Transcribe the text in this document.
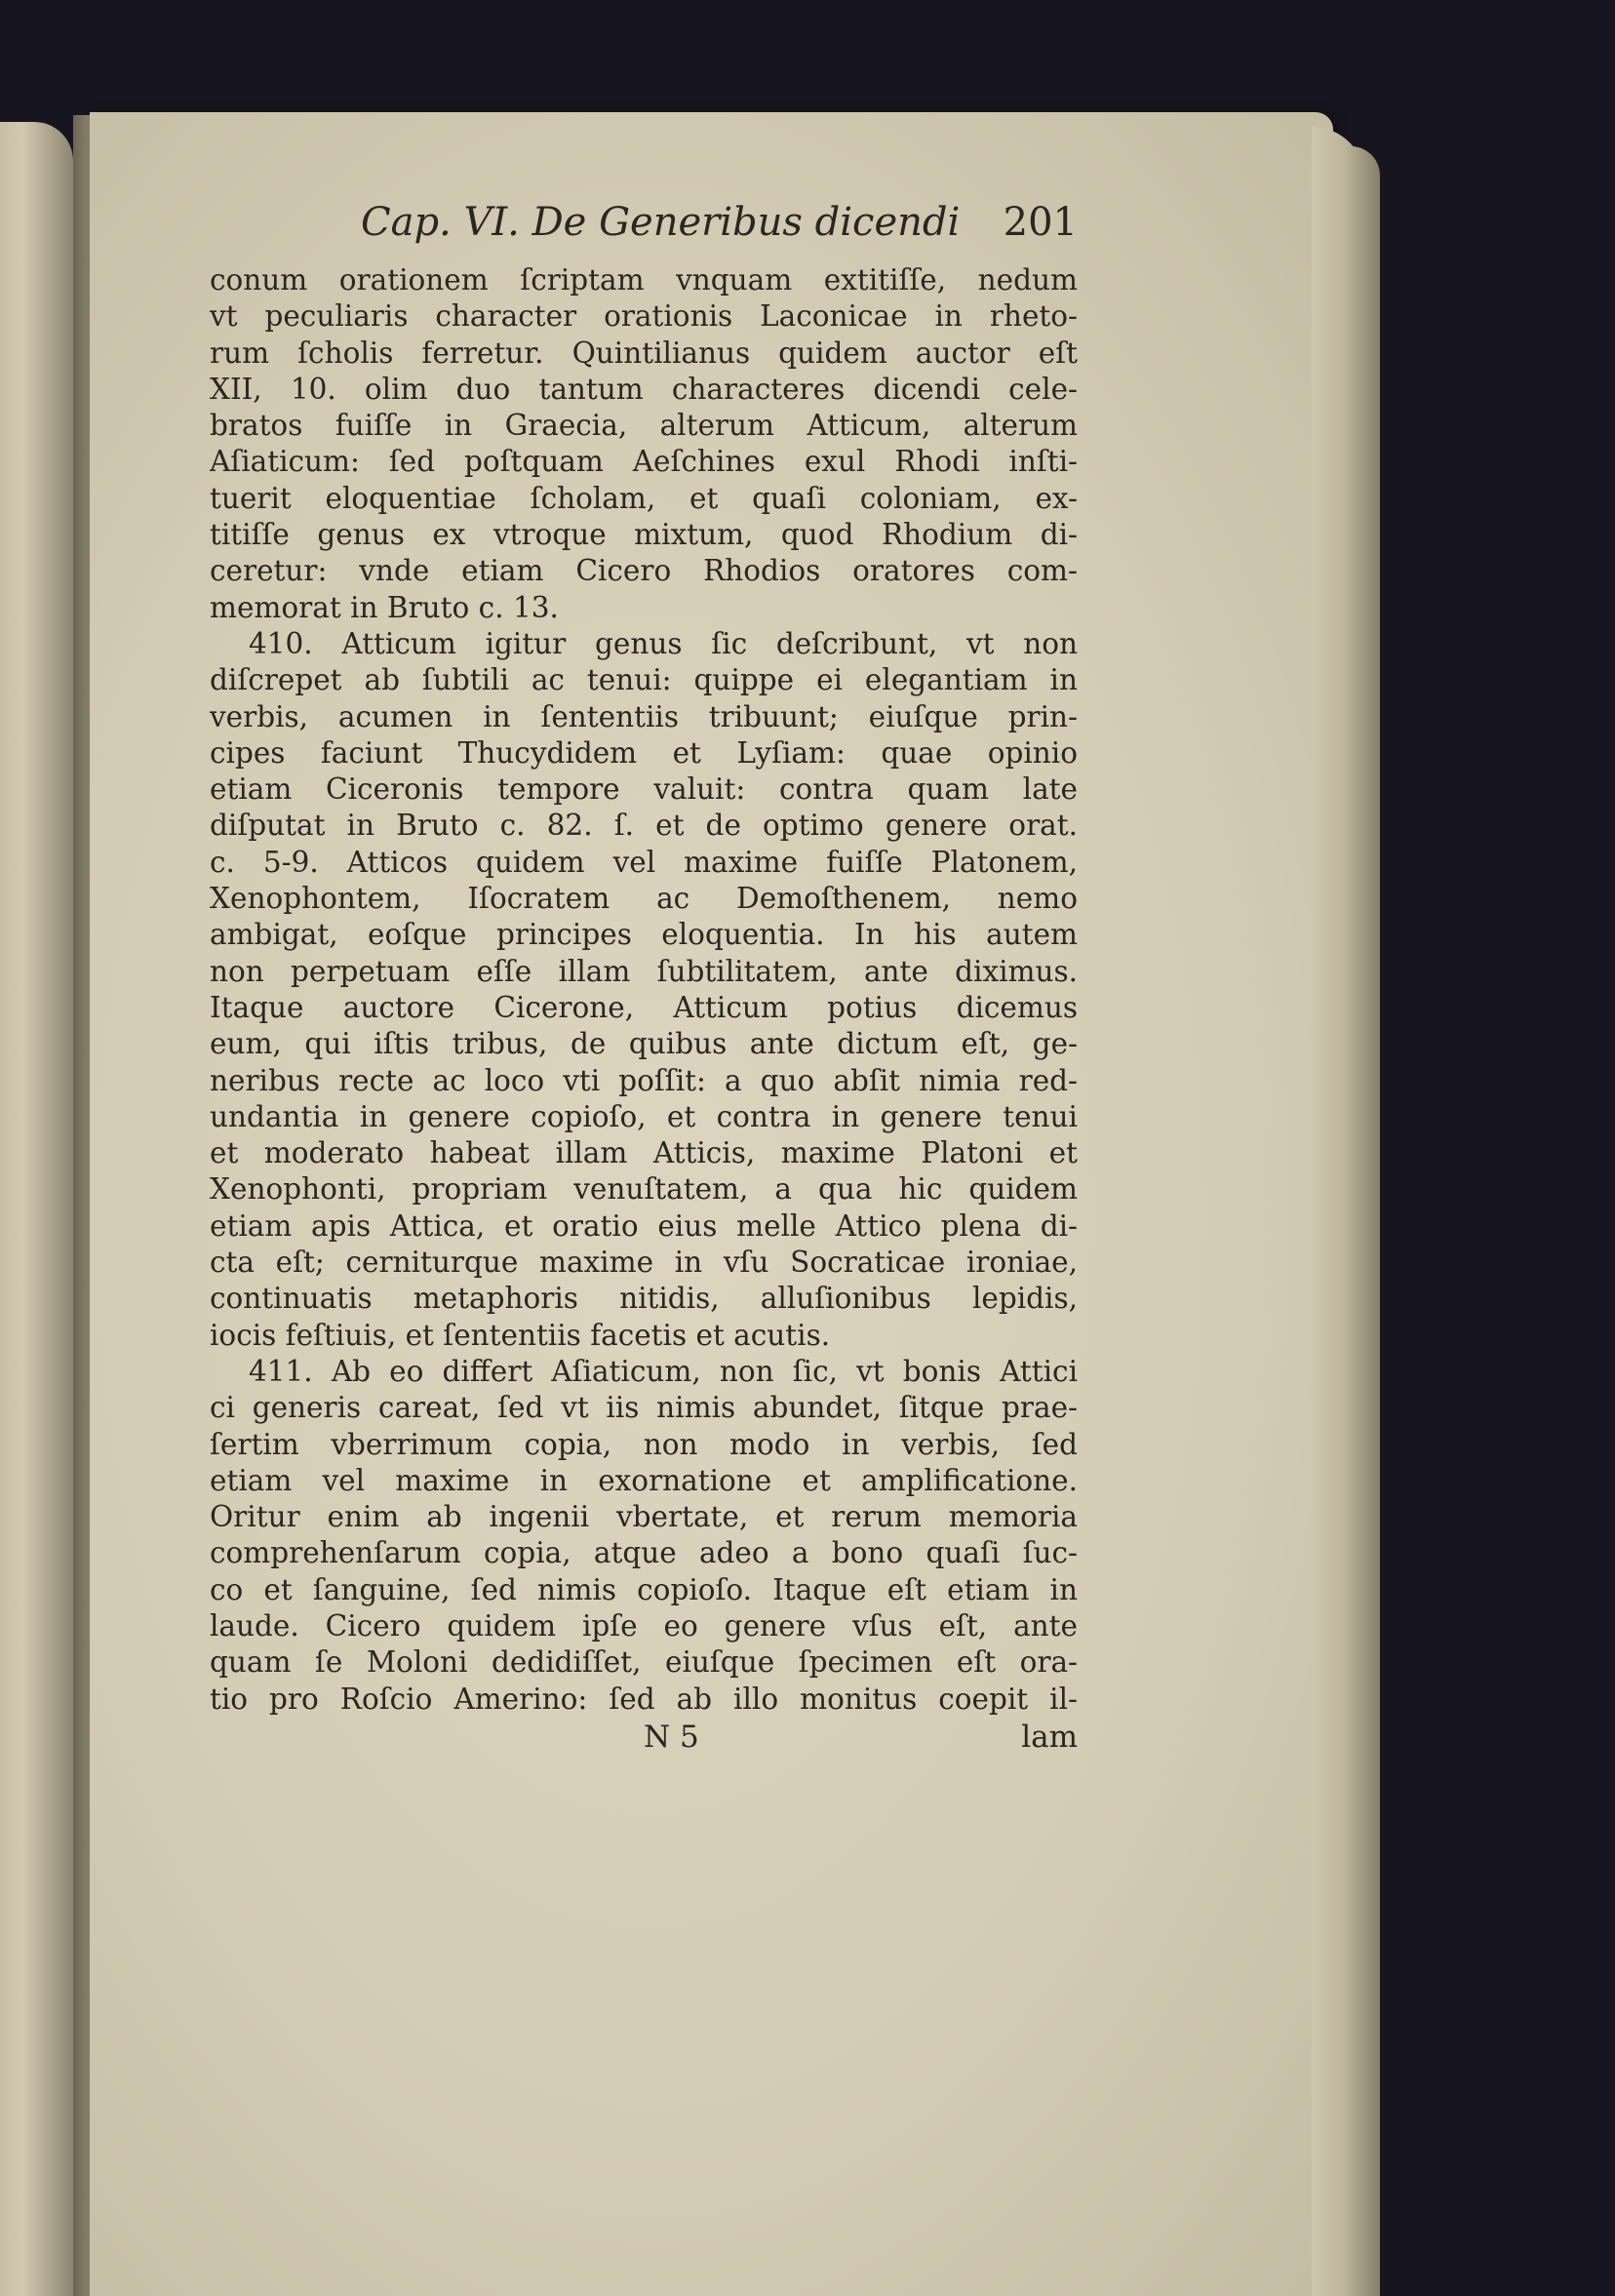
Cap. VI. De Generibus dicendi 201
conum orationem ſcriptam vnquam extitiſſe, nedum
vt peculiaris character orationis Laconicae in rheto-
rum ſcholis ferretur. Quintilianus quidem auctor eſt
XII, 10. olim duo tantum characteres dicendi cele-
bratos fuiſſe in Graecia, alterum Atticum, alterum
Aſiaticum: ſed poſtquam Aeſchines exul Rhodi inſti-
tuerit eloquentiae ſcholam, et quaſi coloniam, ex-
titiſſe genus ex vtroque mixtum, quod Rhodium di-
ceretur: vnde etiam Cicero Rhodios oratores com-
memorat in Bruto c. 13.
410. Atticum igitur genus ſic deſcribunt, vt non
diſcrepet ab ſubtili ac tenui: quippe ei elegantiam in
verbis, acumen in ſententiis tribuunt; eiuſque prin-
cipes faciunt Thucydidem et Lyſiam: quae opinio
etiam Ciceronis tempore valuit: contra quam late
diſputat in Bruto c. 82. ſ. et de optimo genere orat.
c. 5-9. Atticos quidem vel maxime fuiſſe Platonem,
Xenophontem, Iſocratem ac Demoſthenem, nemo
ambigat, eoſque principes eloquentia. In his autem
non perpetuam eſſe illam ſubtilitatem, ante diximus.
Itaque auctore Cicerone, Atticum potius dicemus
eum, qui iſtis tribus, de quibus ante dictum eſt, ge-
neribus recte ac loco vti poſſit: a quo abſit nimia red-
undantia in genere copioſo, et contra in genere tenui
et moderato habeat illam Atticis, maxime Platoni et
Xenophonti, propriam venuſtatem, a qua hic quidem
etiam apis Attica, et oratio eius melle Attico plena di-
cta eſt; cerniturque maxime in vſu Socraticae ironiae,
continuatis metaphoris nitidis, alluſionibus lepidis,
iocis feſtiuis, et ſententiis facetis et acutis.
411. Ab eo differt Aſiaticum, non ſic, vt bonis Attici
ci generis careat, ſed vt iis nimis abundet, ſitque prae-
ſertim vberrimum copia, non modo in verbis, ſed
etiam vel maxime in exornatione et amplificatione.
Oritur enim ab ingenii vbertate, et rerum memoria
comprehenſarum copia, atque adeo a bono quaſi ſuc-
co et ſanguine, ſed nimis copioſo. Itaque eſt etiam in
laude. Cicero quidem ipſe eo genere vſus eſt, ante
quam ſe Moloni dedidiſſet, eiuſque ſpecimen eſt ora-
tio pro Roſcio Amerino: ſed ab illo monitus coepit il-
N 5	lam
